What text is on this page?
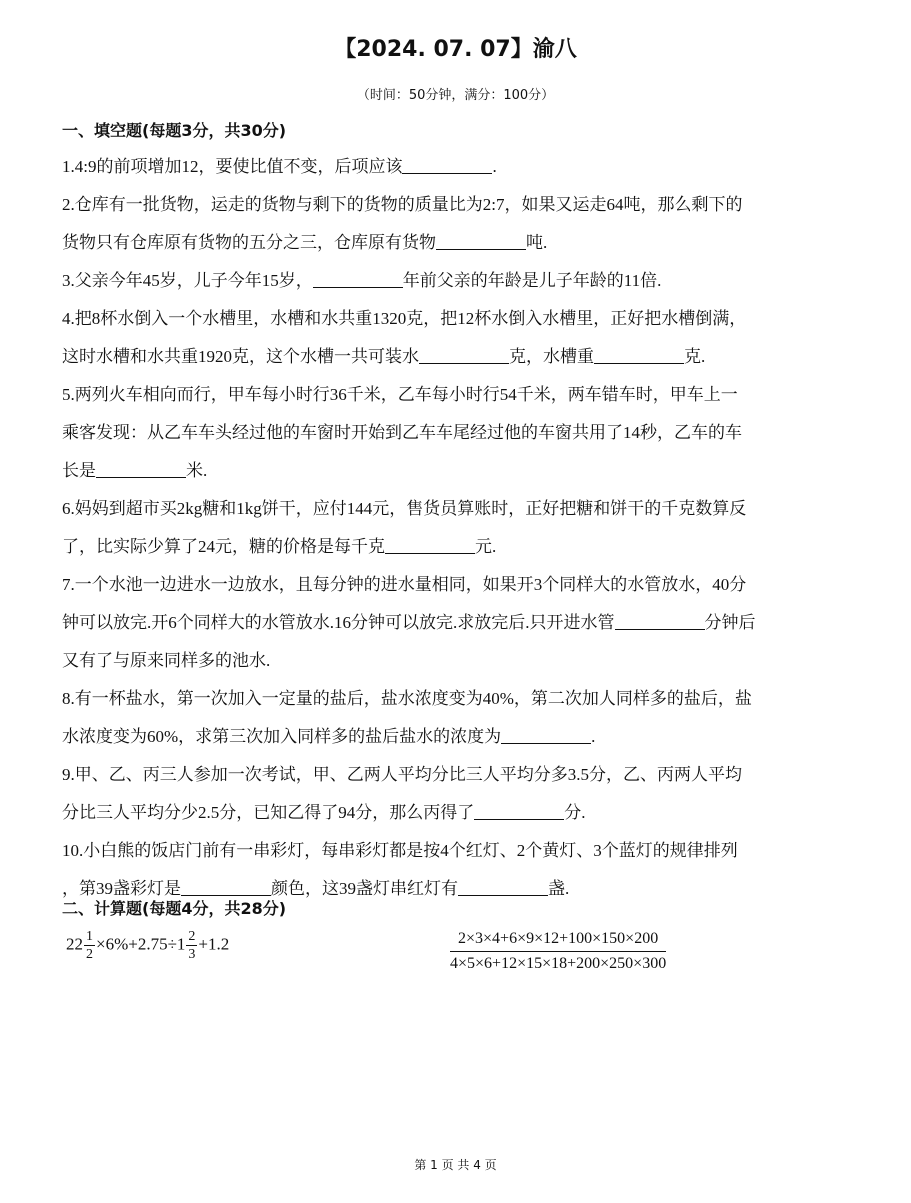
【2024. 07. 07】渝八
（时间：50分钟，满分：100分）
一、填空题(每题3分，共30分)
1.4:9的前项增加12，要使比值不变，后项应该	.
2.仓库有一批货物，运走的货物与剩下的货物的质量比为2:7，如果又运走64吨，那么剩下的
货物只有仓库原有货物的五分之三，仓库原有货物	吨.
3.父亲今年45岁，儿子今年15岁，	年前父亲的年龄是儿子年龄的11倍.
4.把8杯水倒入一个水槽里，水槽和水共重1320克，把12杯水倒入水槽里，正好把水槽倒满，
这时水槽和水共重1920克，这个水槽一共可装水	克，水槽重	克.
5.两列火车相向而行，甲车每小时行36千米，乙车每小时行54千米，两车错车时，甲车上一
乘客发现：从乙车车头经过他的车窗时开始到乙车车尾经过他的车窗共用了14秒，乙车的车
长是	米.
6.妈妈到超市买2kg糖和1kg饼干，应付144元，售货员算账时，正好把糖和饼干的千克数算反
了，比实际少算了24元，糖的价格是每千克	元.
7.一个水池一边进水一边放水，且每分钟的进水量相同，如果开3个同样大的水管放水，40分
钟可以放完.开6个同样大的水管放水.16分钟可以放完.求放完后.只开进水管	分钟后
又有了与原来同样多的池水.
8.有一杯盐水，第一次加入一定量的盐后，盐水浓度变为40%，第二次加人同样多的盐后，盐
水浓度变为60%，求第三次加入同样多的盐后盐水的浓度为	.
9.甲、乙、丙三人参加一次考试，甲、乙两人平均分比三人平均分多3.5分，乙、丙两人平均
分比三人平均分少2.5分，已知乙得了94分，那么丙得了	分.
10.小白熊的饭店门前有一串彩灯，每串彩灯都是按4个红灯、2个黄灯、3个蓝灯的规律排列
，第39盏彩灯是	颜色，这39盏灯串红灯有	盏.
二、计算题(每题4分，共28分)
$22 \frac{1}{2} \times 6\%+2.75\div 1 \frac{2}{3} +1.2$	$\frac{2\times 3\times 4+6\times 9\times 12+100\times 150\times 200}{4\times 5\times 6+12\times 15\times 18+200\times 250\times 300}$
第 1 页 共 4 页
